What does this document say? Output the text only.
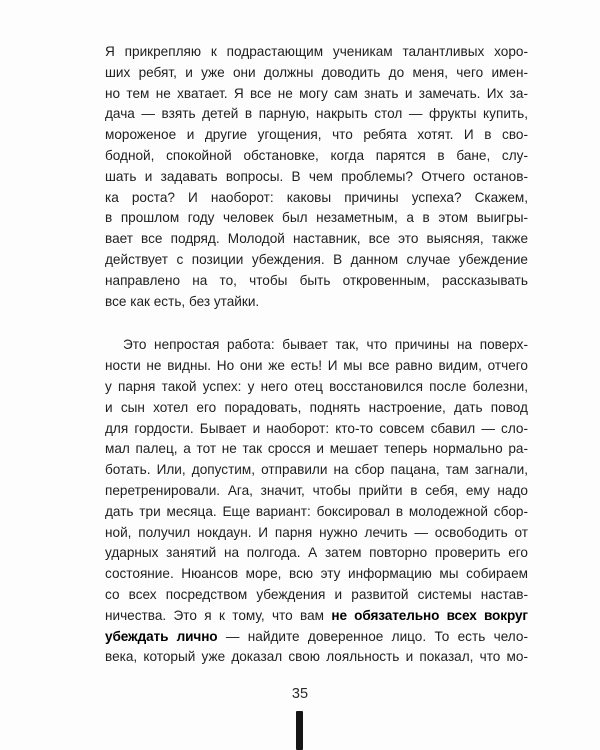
Я прикрепляю к подрастающим ученикам талантливых хоро-
ших ребят, и уже они должны доводить до меня, чего имен-
но тем не хватает. Я все не могу сам знать и замечать. Их за-
дача — взять детей в парную, накрыть стол — фрукты купить,
мороженое и другие угощения, что ребята хотят. И в сво-
бодной, спокойной обстановке, когда парятся в бане, слу-
шать и задавать вопросы. В чем проблемы? Отчего останов-
ка роста? И наоборот: каковы причины успеха? Скажем,
в прошлом году человек был незаметным, а в этом выигры-
вает все подряд. Молодой наставник, все это выясняя, также
действует с позиции убеждения. В данном случае убеждение
направлено на то, чтобы быть откровенным, рассказывать
все как есть, без утайки.
Это непростая работа: бывает так, что причины на поверх-
ности не видны. Но они же есть! И мы все равно видим, отчего
у парня такой успех: у него отец восстановился после болезни,
и сын хотел его порадовать, поднять настроение, дать повод
для гордости. Бывает и наоборот: кто-то совсем сбавил — сло-
мал палец, а тот не так сросся и мешает теперь нормально ра-
ботать. Или, допустим, отправили на сбор пацана, там загнали,
перетренировали. Ага, значит, чтобы прийти в себя, ему надо
дать три месяца. Еще вариант: боксировал в молодежной сбор-
ной, получил нокдаун. И парня нужно лечить — освободить от
ударных занятий на полгода. А затем повторно проверить его
состояние. Нюансов море, всю эту информацию мы собираем
со всех посредством убеждения и развитой системы настав-
ничества. Это я к тому, что вам не обязательно всех вокруг
убеждать лично — найдите доверенное лицо. То есть чело-
века, который уже доказал свою лояльность и показал, что мо-
35
